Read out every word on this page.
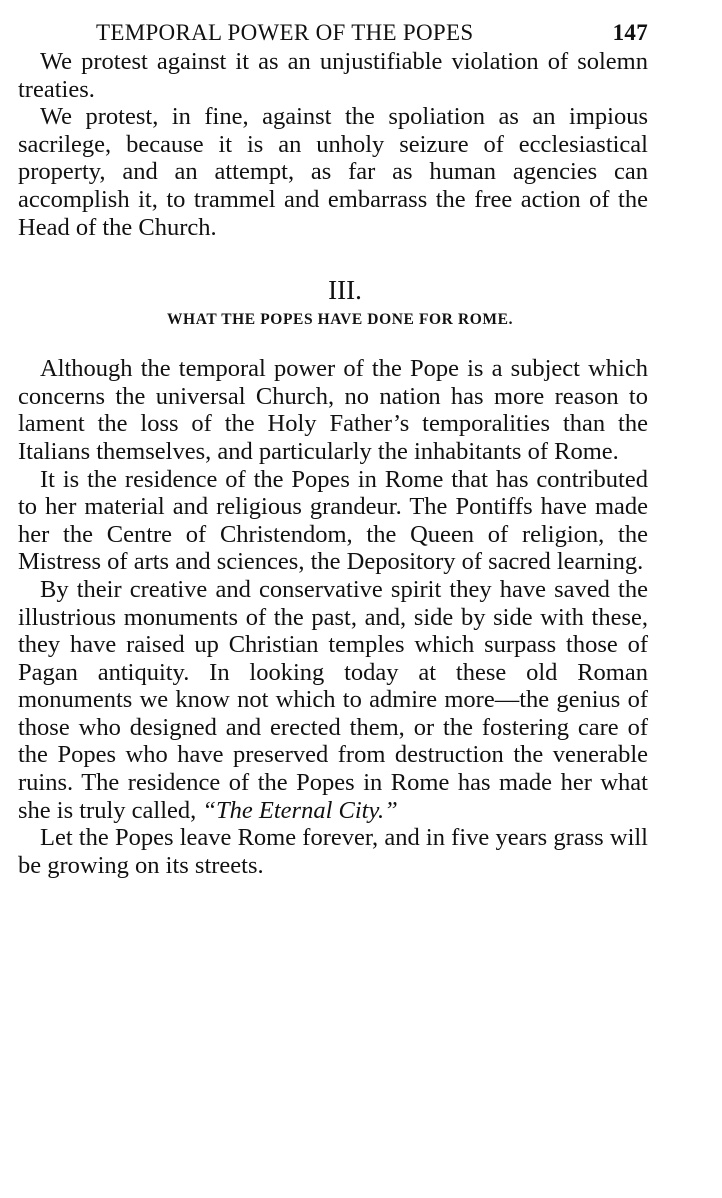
TEMPORAL POWER OF THE POPES	147

We protest against it as an unjustifiable violation of solemn treaties.

We protest, in fine, against the spoliation as an impious sacrilege, because it is an unholy seizure of ecclesiastical property, and an attempt, as far as human agencies can accomplish it, to trammel and embarrass the free action of the Head of the Church.

III.
WHAT THE POPES HAVE DONE FOR ROME.

Although the temporal power of the Pope is a subject which concerns the universal Church, no nation has more reason to lament the loss of the Holy Father’s temporalities than the Italians themselves, and particularly the inhabitants of Rome.

It is the residence of the Popes in Rome that has contributed to her material and religious grandeur. The Pontiffs have made her the Centre of Christendom, the Queen of religion, the Mistress of arts and sciences, the Depository of sacred learning.

By their creative and conservative spirit they have saved the illustrious monuments of the past, and, side by side with these, they have raised up Christian temples which surpass those of Pagan antiquity. In looking today at these old Roman monuments we know not which to admire more—the genius of those who designed and erected them, or the fostering care of the Popes who have preserved from destruction the venerable ruins. The residence of the Popes in Rome has made her what she is truly called, “The Eternal City.”

Let the Popes leave Rome forever, and in five years grass will be growing on its streets.
